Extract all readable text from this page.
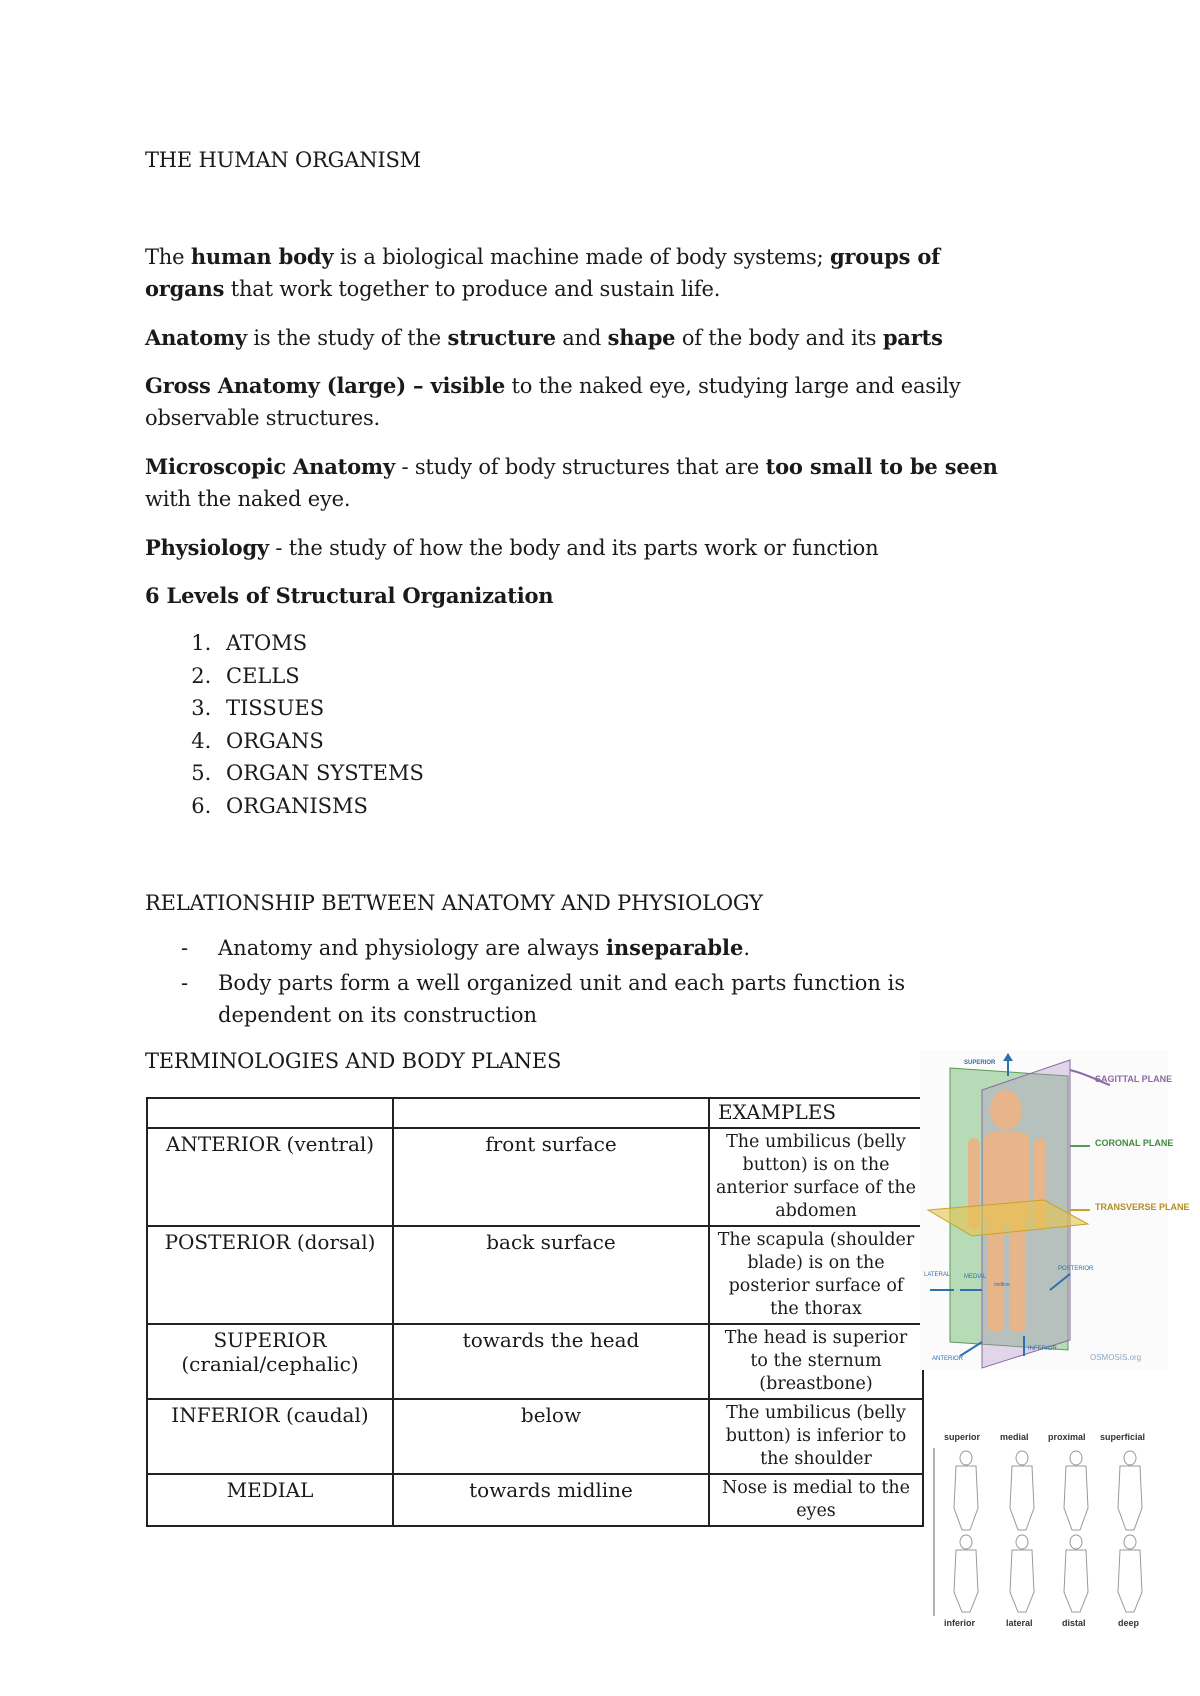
THE HUMAN ORGANISM
The human body is a biological machine made of body systems; groups of organs that work together to produce and sustain life.
Anatomy is the study of the structure and shape of the body and its parts
Gross Anatomy (large) – visible to the naked eye, studying large and easily observable structures.
Microscopic Anatomy - study of body structures that are too small to be seen with the naked eye.
Physiology - the study of how the body and its parts work or function
6 Levels of Structural Organization
1. ATOMS
2. CELLS
3. TISSUES
4. ORGANS
5. ORGAN SYSTEMS
6. ORGANISMS
RELATIONSHIP BETWEEN ANATOMY AND PHYSIOLOGY
- Anatomy and physiology are always inseparable.
- Body parts form a well organized unit and each parts function is dependent on its construction
TERMINOLOGIES AND BODY PLANES
		EXAMPLES
ANTERIOR (ventral)	front surface	The umbilicus (belly button) is on the anterior surface of the abdomen
POSTERIOR (dorsal)	back surface	The scapula (shoulder blade) is on the posterior surface of the thorax
SUPERIOR (cranial/cephalic)	towards the head	The head is superior to the sternum (breastbone)
INFERIOR (caudal)	below	The umbilicus (belly button) is inferior to the shoulder
MEDIAL	towards midline	Nose is medial to the eyes
SUPERIOR
SAGITTAL PLANE
CORONAL PLANE
TRANSVERSE PLANE
LATERAL MEDIAL
midline
POSTERIOR
ANTERIOR
INFERIOR
OSMOSIS.org
superior medial proximal superficial
inferior	lateral	distal	deep
